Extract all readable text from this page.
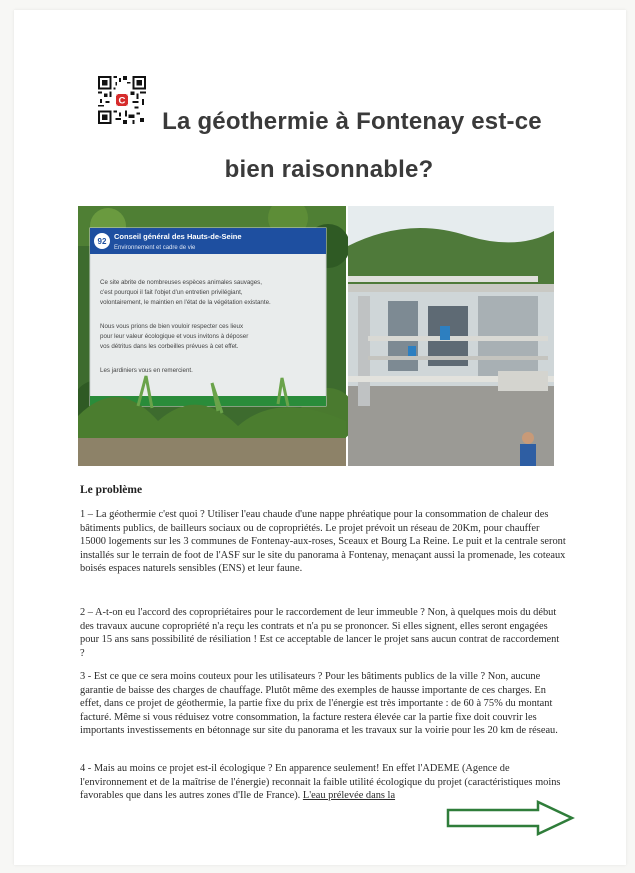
C
La géothermie à Fontenay est-ce
bien raisonnable?
92
Conseil général des Hauts-de-Seine
Environnement et cadre de vie
Ce site abrite de nombreuses espèces animales sauvages,
c'est pourquoi il fait l'objet d'un entretien privilégiant,
volontairement, le maintien en l'état de la végétation existante.
Nous vous prions de bien vouloir respecter ces lieux
pour leur valeur écologique et vous invitons à déposer
vos détritus dans les corbeilles prévues à cet effet.
Les jardiniers vous en remercient.
Le problème
1 – La géothermie c'est quoi ? Utiliser l'eau chaude d'une nappe phréatique pour la consommation de chaleur des bâtiments publics, de bailleurs sociaux ou de copropriétés. Le projet prévoit un réseau de 20Km, pour chauffer 15000 logements sur les 3 communes de Fontenay-aux-roses, Sceaux et Bourg La Reine. Le puit et la centrale seront installés sur le terrain de foot de l'ASF sur le site du panorama à Fontenay, menaçant aussi la promenade, les coteaux boisés espaces naturels sensibles (ENS) et leur faune.
2 – A-t-on eu l'accord des copropriétaires pour le raccordement de leur immeuble ? Non, à quelques mois du début des travaux aucune copropriété n'a reçu les contrats et n'a pu se prononcer. Si elles signent, elles seront engagées pour 15 ans sans possibilité de résiliation ! Est ce acceptable de lancer le projet sans aucun contrat de raccordement ?
3 - Est ce que ce sera moins couteux pour les utilisateurs ? Pour les bâtiments publics de la ville ? Non, aucune garantie de baisse des charges de chauffage. Plutôt même des exemples de hausse importante de ces charges. En effet, dans ce projet de géothermie, la partie fixe du prix de l'énergie est très importante : de 60 à 75% du montant facturé. Même si vous réduisez votre consommation, la facture restera élevée car la partie fixe doit couvrir les importants investissements en bétonnage sur site du panorama et les travaux sur la voirie pour les 20 km de réseau.
4 - Mais au moins ce projet est-il écologique ? En apparence seulement! En effet l'ADEME (Agence de l'environnement et de la maîtrise de l'énergie) reconnait la faible utilité écologique du projet (caractéristiques moins favorables que dans les autres zones d'Ile de France). L'eau prélevée dans la
